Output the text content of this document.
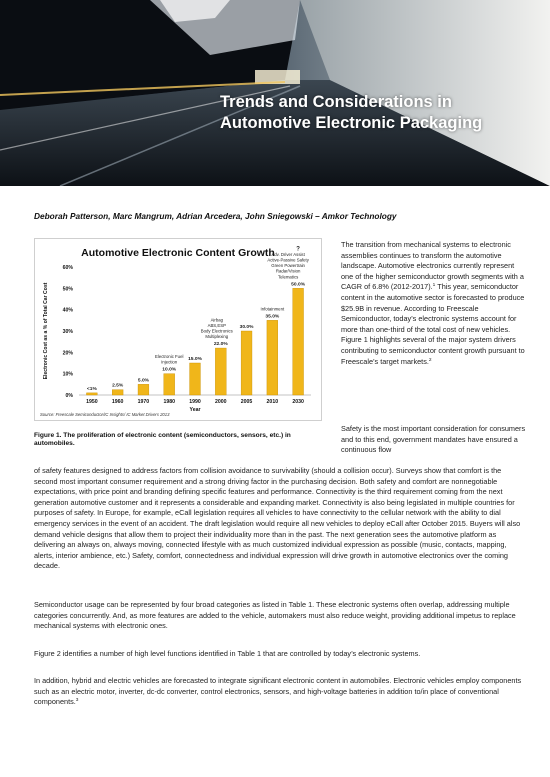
Trends and Considerations in
Automotive Electronic Packaging
Deborah Patterson, Marc Mangrum, Adrian Arcedera, John Sniegowski – Amkor Technology
Automotive Electronic Content Growth
0%
10%
20%
30%
40%
50%
60%
Electronic Cost as a % of Total Car Cost
1950
<1%
1960
2.5%
1970
5.0%
1980
10.0%
1990
15.0%
2000
22.0%
2005
30.0%
2010
35.0%
2030
50.0%
Year
Source: Freescale Semiconductor/IC Insights/ IC Market Drivers 2013
Electronic Fuel
Injection
Airbag
ABS,ESP
Body Electronics
Multiplexing
Infotainment
Adv. Driver Assist
Active-Passive Safety
Green Powertrain
Radar/Vision
Telematics
?
Figure 1. The proliferation of electronic content (semiconductors, sensors, etc.) in automobiles.

The transition from mechanical systems to electronic assemblies continues to transform the automotive landscape. Automotive electronics currently represent one of the higher semiconductor growth segments with a CAGR of 6.8% (2012-2017).$^1$ This year, semiconductor content in the automotive sector is forecasted to produce $25.9B in revenue. According to Freescale Semiconductor, today’s electronic systems account for more than one-third of the total cost of new vehicles. Figure 1 highlights several of the major system drivers contributing to semiconductor content growth pursuant to Freescale’s target markets.$^2$

Safety is the most important consideration for consumers and to this end, government mandates have ensured a continuous flow

of safety features designed to address factors from collision avoidance to survivability (should a collision occur). Surveys show that comfort is the second most important consumer requirement and a strong driving factor in the purchasing decision. Both safety and comfort are nonnegotiable expectations, with price point and branding defining specific features and performance. Connectivity is the third requirement coming from the next generation automotive customer and it represents a considerable and expanding market. Connectivity is also being legislated in multiple countries for purposes of safety. In Europe, for example, eCall legislation requires all vehicles to have connectivity to the cellular network with the ability to dial emergency services in the event of an accident. The draft legislation would require all new vehicles to deploy eCall after October 2015. Buyers will also demand vehicle designs that allow them to project their individuality more than in the past. The next generation sees the automotive platform as delivering an always on, always moving, connected lifestyle with as much customized individual expression as possible (music, contacts, mapping, alerts, interior ambience, etc.) Safety, comfort, connectedness and individual expression will drive growth in automotive electronics over the coming decade.

Semiconductor usage can be represented by four broad categories as listed in Table 1. These electronic systems often overlap, addressing multiple categories concurrently. And, as more features are added to the vehicle, automakers must also reduce weight, providing additional impetus to replace mechanical systems with electronic ones.

Figure 2 identifies a number of high level functions identified in Table 1 that are controlled by today’s electronic systems.

In addition, hybrid and electric vehicles are forecasted to integrate significant electronic content in automobiles. Electronic vehicles employ components such as an electric motor, inverter, dc-dc converter, control electronics, sensors, and high-voltage batteries in addition to/in place of conventional components.$^3$
